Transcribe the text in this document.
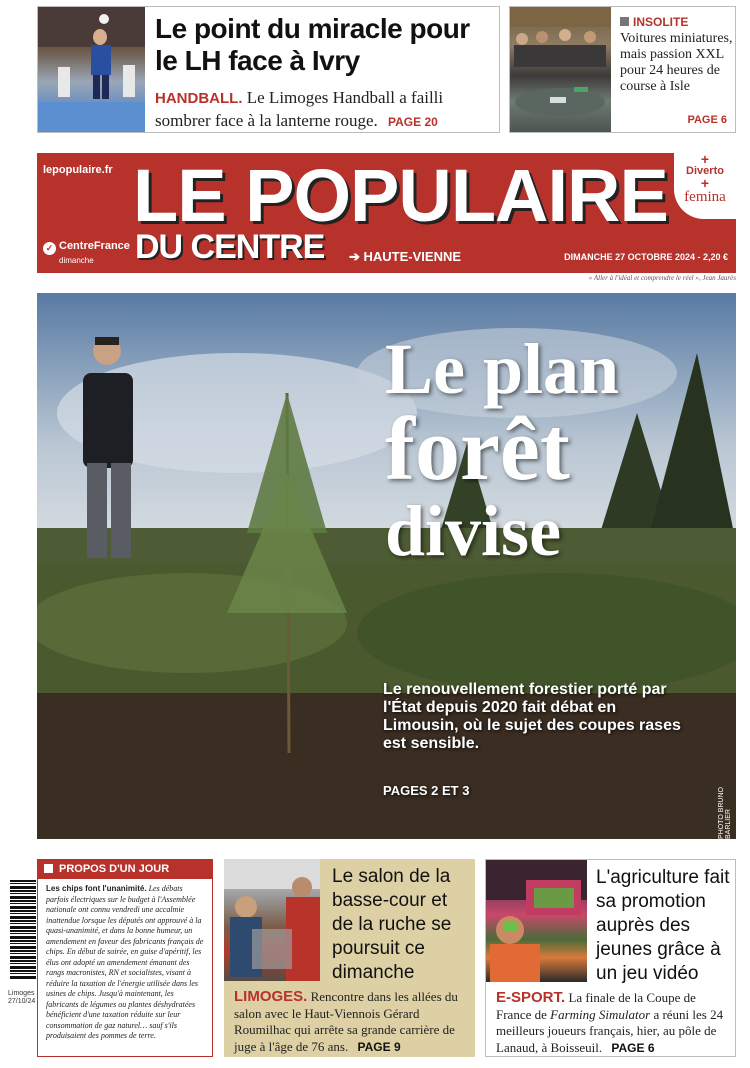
Le point du miracle pour le LH face à Ivry
HANDBALL. Le Limoges Handball a failli sombrer face à la lanterne rouge. PAGE 20
INSOLITE
Voitures miniatures, mais passion XXL pour 24 heures de course à Isle
PAGE 6
lepopulaire.fr LE POPULAIRE
DU CENTRE ➔ HAUTE-VIENNE	DIMANCHE 27 OCTOBRE 2024 - 2,20 €
✓ CentreFrance
dimanche
+
Diverto
+
femina
« Aller à l'idéal et comprendre le réel », Jean Jaurès
Le plan
forêt
divise
Le renouvellement forestier porté par l'État depuis 2020 fait débat en Limousin, où le sujet des coupes rases est sensible.
PAGES 2 ET 3	PHOTO BRUNO BARLIER
Limoges 27/10/24
PROPOS D'UN JOUR
Les chips font l'unanimité. Les débats parfois électriques sur le budget à l'Assemblée nationale ont connu vendredi une accalmie inattendue lorsque les députés ont approuvé à la quasi-unanimité, et dans la bonne humeur, un amendement en faveur des fabricants français de chips. En début de soirée, en guise d'apéritif, les élus ont adopté un amendement émanant des rangs macronistes, RN et socialistes, visant à réduire la taxation de l'énergie utilisée dans les usines de chips. Jusqu'à maintenant, les fabricants de légumes ou plantes déshydratées bénéficient d'une taxation réduite sur leur consommation de gaz naturel… sauf s'ils produisaient des pommes de terre.
Le salon de la basse-cour et de la ruche se poursuit ce dimanche
LIMOGES. Rencontre dans les allées du salon avec le Haut-Viennois Gérard Roumilhac qui arrête sa grande carrière de juge à l'âge de 76 ans. PAGE 9
L'agriculture fait sa promotion auprès des jeunes grâce à un jeu vidéo
E-SPORT. La finale de la Coupe de France de Farming Simulator a réuni les 24 meilleurs joueurs français, hier, au pôle de Lanaud, à Boisseuil. PAGE 6
